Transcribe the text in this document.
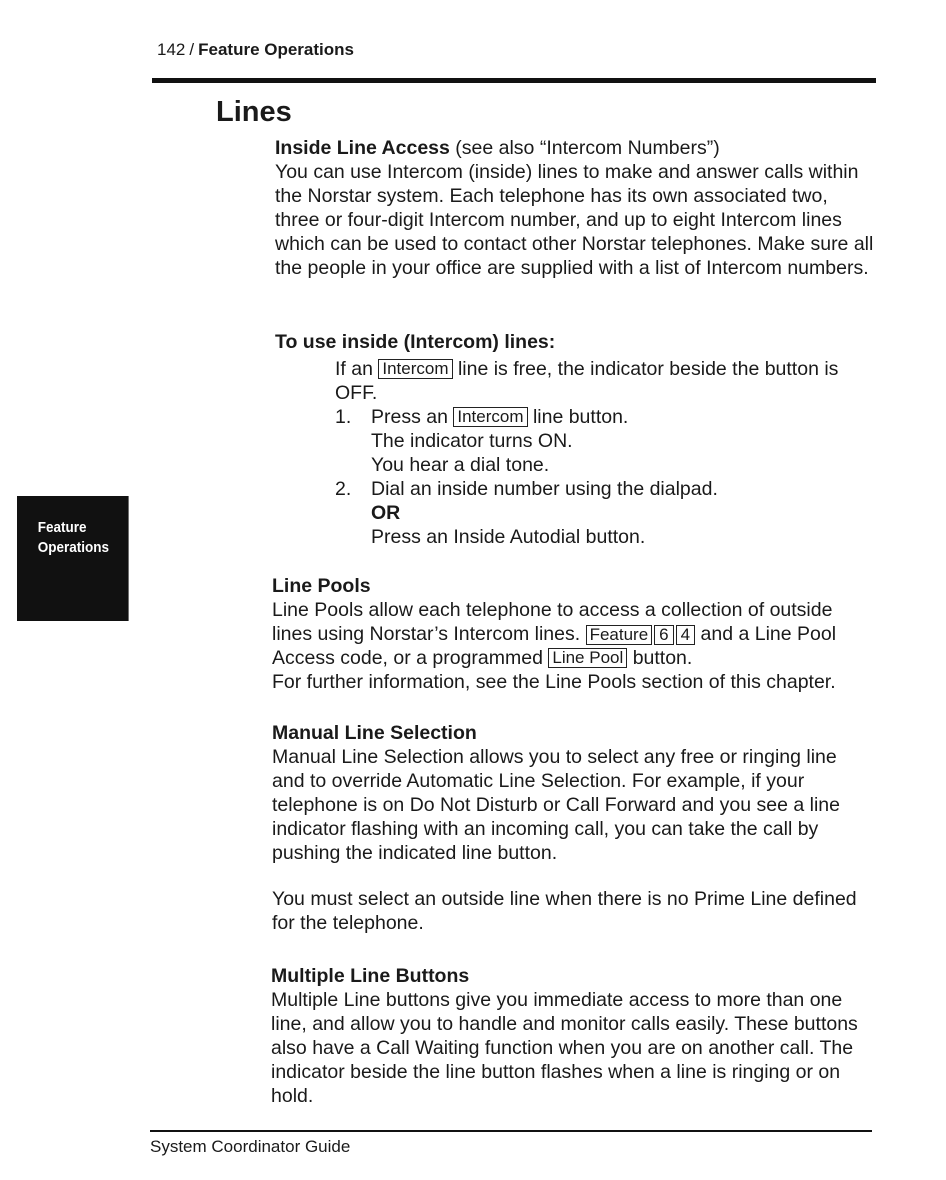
142 / Feature Operations
Feature
Operations
Lines

Inside Line Access (see also “Intercom Numbers”)

You can use Intercom (inside) lines to make and answer calls within the Norstar system. Each telephone has its own associated two, three or four-digit Intercom number, and up to eight Intercom lines which can be used to contact other Norstar telephones. Make sure all the people in your office are supplied with a list of Intercom numbers.

To use inside (Intercom) lines:

If an Intercom line is free, the indicator beside the button is OFF.

1. Press an Intercom line button.

The indicator turns ON.

You hear a dial tone.

2. Dial an inside number using the dialpad.

OR

Press an Inside Autodial button.

Line Pools

Line Pools allow each telephone to access a collection of outside lines using Norstar’s Intercom lines. Feature 6 4 and a Line Pool Access code, or a programmed Line Pool button.

For further information, see the Line Pools section of this chapter.

Manual Line Selection

Manual Line Selection allows you to select any free or ringing line and to override Automatic Line Selection. For example, if your telephone is on Do Not Disturb or Call Forward and you see a line indicator flashing with an incoming call, you can take the call by pushing the indicated line button.

You must select an outside line when there is no Prime Line defined for the telephone.

Multiple Line Buttons

Multiple Line buttons give you immediate access to more than one line, and allow you to handle and monitor calls easily. These buttons also have a Call Waiting function when you are on another call. The indicator beside the line button flashes when a line is ringing or on hold.

System Coordinator Guide
